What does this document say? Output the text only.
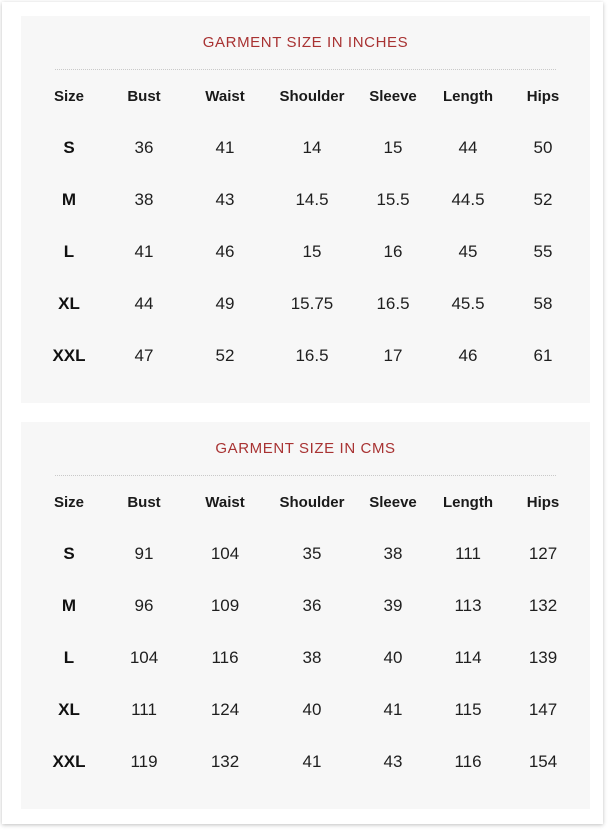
GARMENT SIZE IN INCHES
Size	Bust	Waist	Shoulder	Sleeve	Length	Hips
S	36	41	14	15	44	50
M	38	43	14.5	15.5	44.5	52
L	41	46	15	16	45	55
XL	44	49	15.75	16.5	45.5	58
XXL	47	52	16.5	17	46	61
GARMENT SIZE IN CMS
Size	Bust	Waist	Shoulder	Sleeve	Length	Hips
S	91	104	35	38	111	127
M	96	109	36	39	113	132
L	104	116	38	40	114	139
XL	111	124	40	41	115	147
XXL	119	132	41	43	116	154
